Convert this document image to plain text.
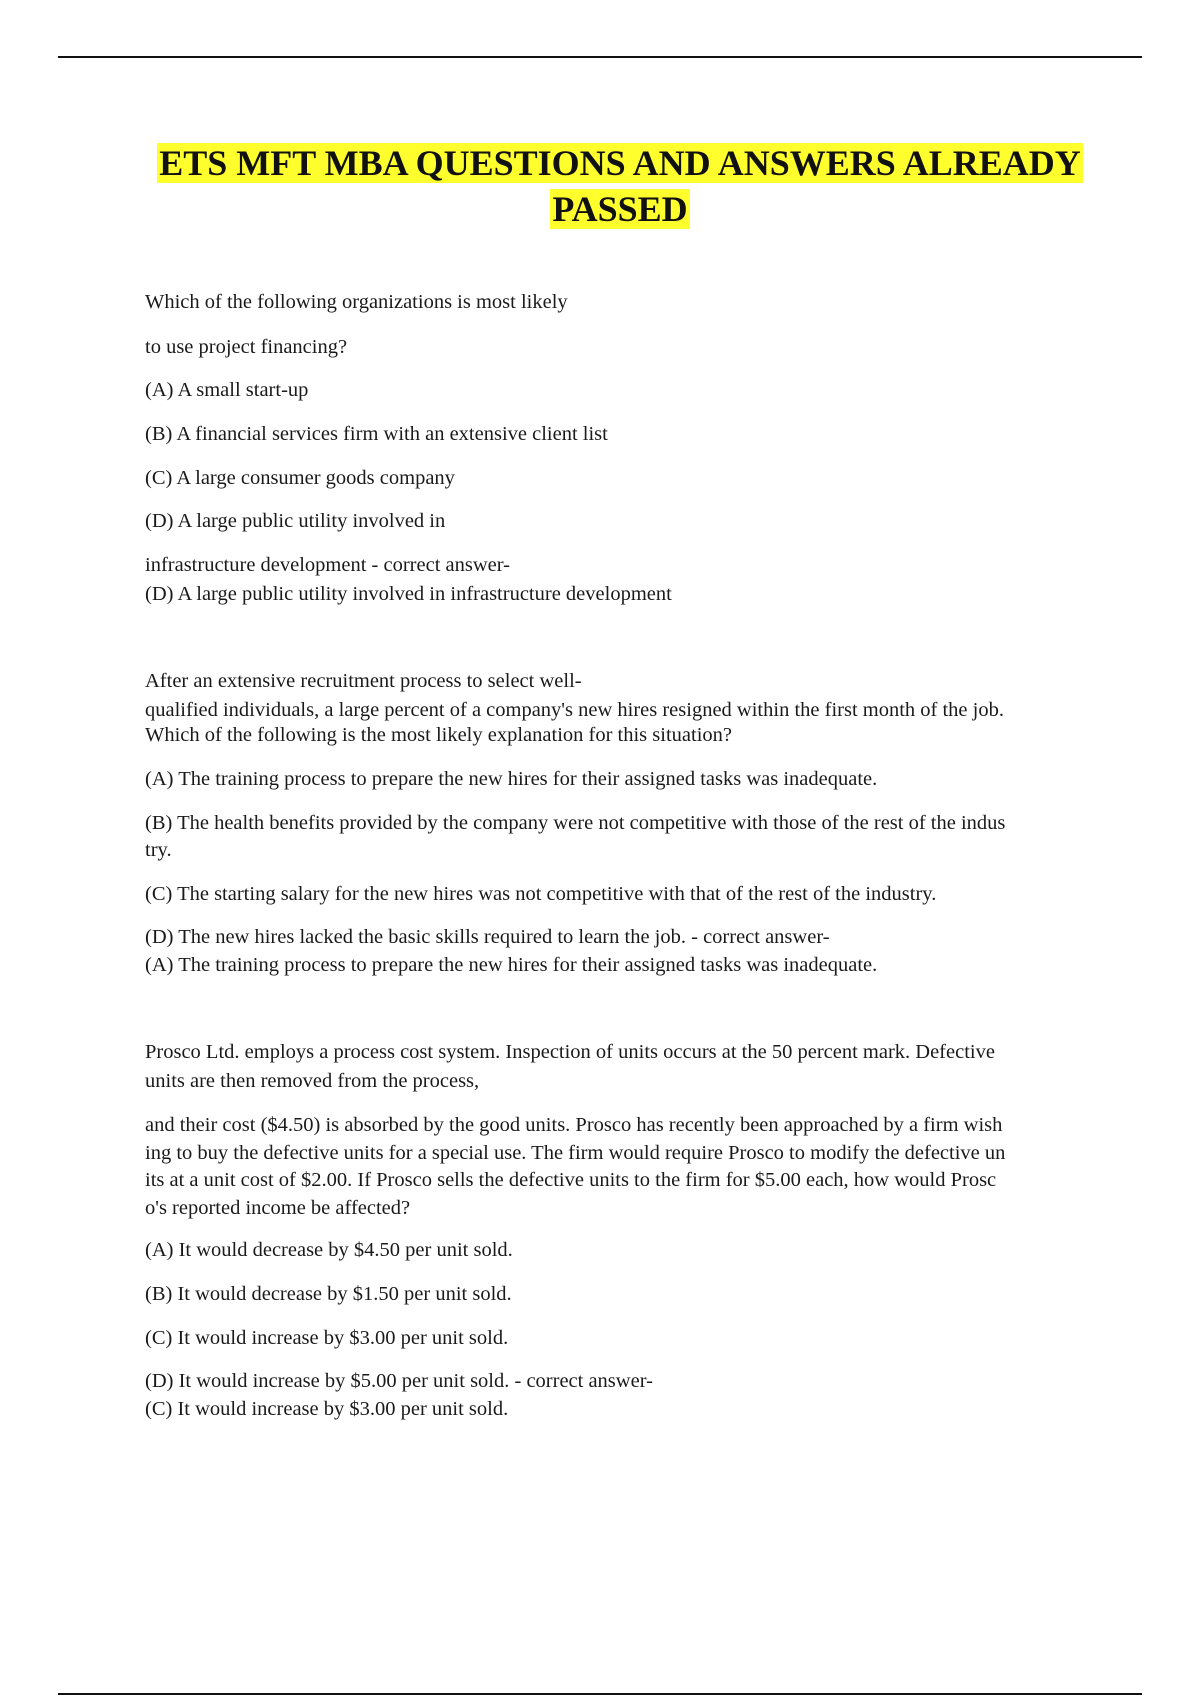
ETS MFT MBA QUESTIONS AND ANSWERS ALREADY
PASSED
Which of the following organizations is most likely
to use project financing?
(A) A small start-up
(B) A financial services firm with an extensive client list
(C) A large consumer goods company
(D) A large public utility involved in
infrastructure development - correct answer-
(D) A large public utility involved in infrastructure development
After an extensive recruitment process to select well-
qualified individuals, a large percent of a company's new hires resigned within the first month of the job.
Which of the following is the most likely explanation for this situation?
(A) The training process to prepare the new hires for their assigned tasks was inadequate.
(B) The health benefits provided by the company were not competitive with those of the rest of the indus
try.
(C) The starting salary for the new hires was not competitive with that of the rest of the industry.
(D) The new hires lacked the basic skills required to learn the job. - correct answer-
(A) The training process to prepare the new hires for their assigned tasks was inadequate.
Prosco Ltd. employs a process cost system. Inspection of units occurs at the 50 percent mark. Defective
units are then removed from the process,
and their cost ($4.50) is absorbed by the good units. Prosco has recently been approached by a firm wish
ing to buy the defective units for a special use. The firm would require Prosco to modify the defective un
its at a unit cost of $2.00. If Prosco sells the defective units to the firm for $5.00 each, how would Prosc
o's reported income be affected?
(A) It would decrease by $4.50 per unit sold.
(B) It would decrease by $1.50 per unit sold.
(C) It would increase by $3.00 per unit sold.
(D) It would increase by $5.00 per unit sold. - correct answer-
(C) It would increase by $3.00 per unit sold.
